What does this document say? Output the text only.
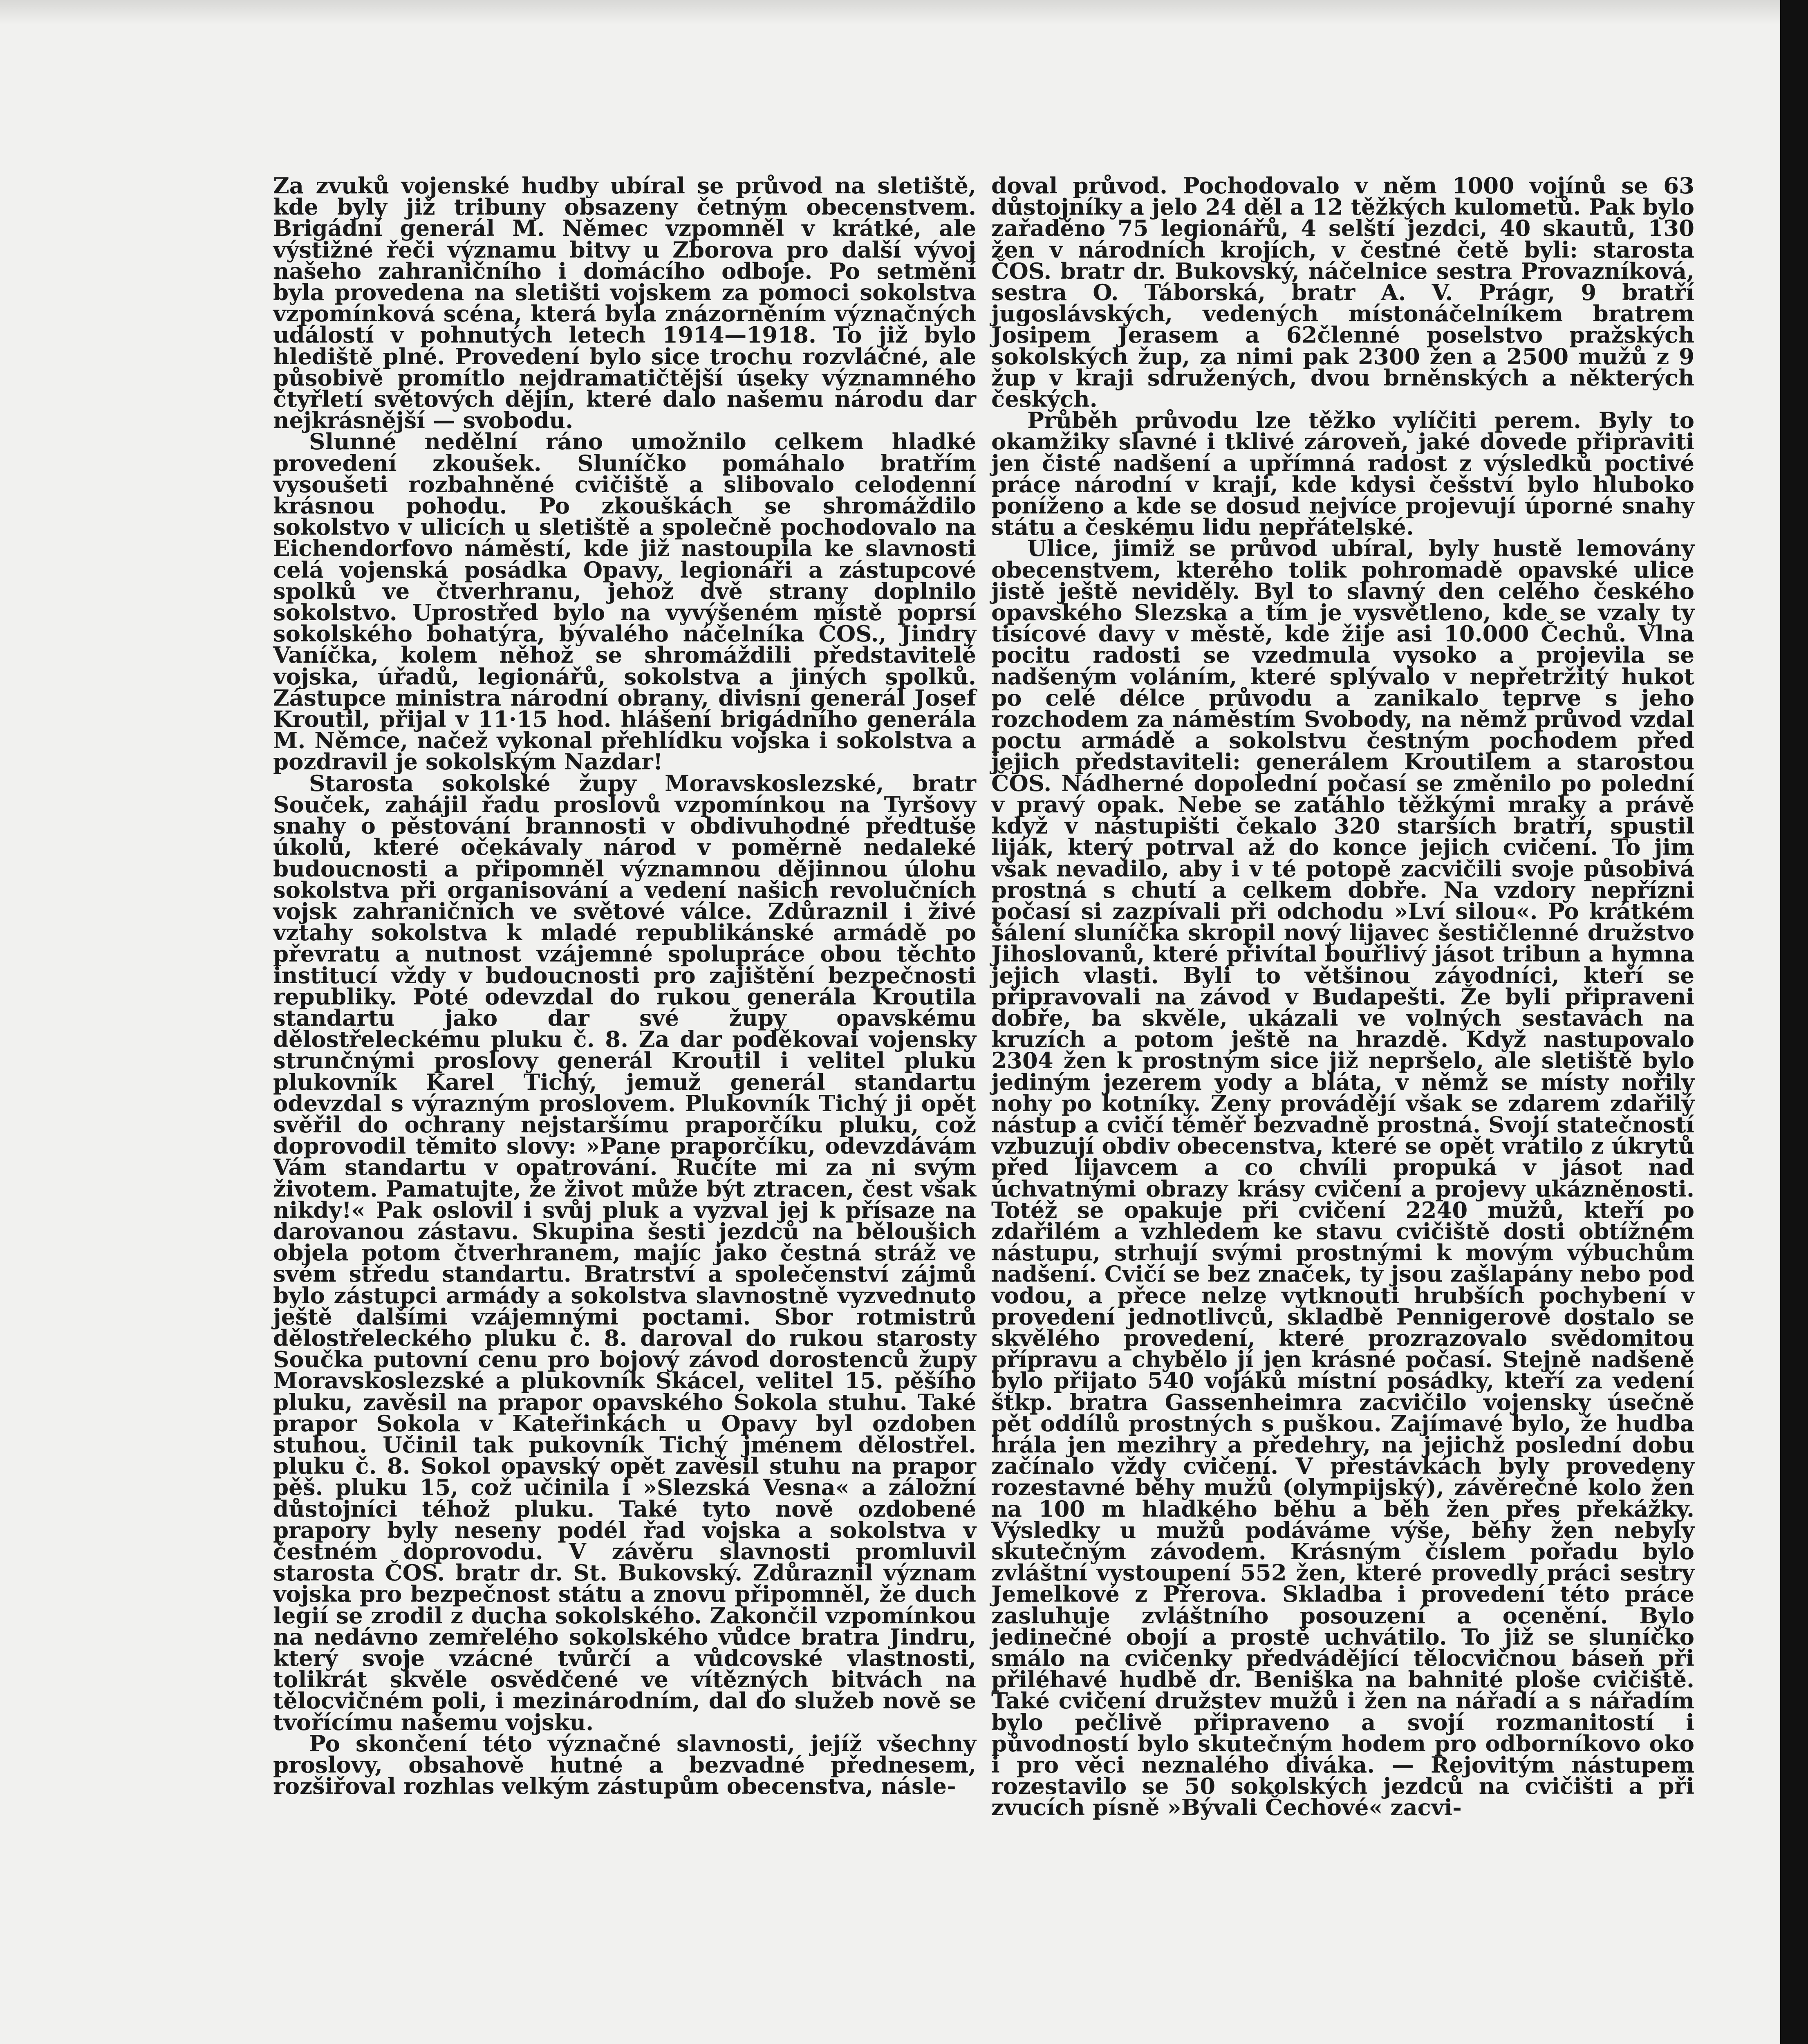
Za zvuků vojenské hudby ubíral se průvod na sletiště, kde byly již tribuny obsazeny četným obecenstvem. Brigádní generál M. Němec vzpomněl v krátké, ale výstižné řeči významu bitvy u Zborova pro další vývoj našeho zahraničního i domácího odboje. Po setmění byla provedena na sletišti vojskem za pomoci sokolstva vzpomínková scéna, která byla znázorněním význačných událostí v pohnutých letech 1914—1918. To již bylo hlediště plné. Provedení bylo sice trochu rozvláčné, ale působivě promítlo nejdramatičtější úseky významného čtyřletí světových dějin, které dalo našemu národu dar nejkrásnější — svobodu.

Slunné nedělní ráno umožnilo celkem hladké provedení zkoušek. Sluníčko pomáhalo bratřím vysoušeti rozbahněné cvičiště a slibovalo celodenní krásnou pohodu. Po zkouškách se shromáždilo sokolstvo v ulicích u sletiště a společně pochodovalo na Eichendorfovo náměstí, kde již nastoupila ke slavnosti celá vojenská posádka Opavy, legionáři a zástupcové spolků ve čtverhranu, jehož dvě strany doplnilo sokolstvo. Uprostřed bylo na vyvýšeném místě poprsí sokolského bohatýra, bývalého náčelníka ČOS., Jindry Vaníčka, kolem něhož se shromáždili představitelé vojska, úřadů, legionářů, sokolstva a jiných spolků. Zástupce ministra národní obrany, divisní generál Josef Kroutil, přijal v 11·15 hod. hlášení brigádního generála M. Němce, načež vykonal přehlídku vojska i sokolstva a pozdravil je sokolským Nazdar!

Starosta sokolské župy Moravskoslezské, bratr Souček, zahájil řadu proslovů vzpomínkou na Tyršovy snahy o pěstování brannosti v obdivuhodné předtuše úkolů, které očekávaly národ v poměrně nedaleké budoucnosti a připomněl významnou dějinnou úlohu sokolstva při organisování a vedení našich revolučních vojsk zahraničních ve světové válce. Zdůraznil i živé vztahy sokolstva k mladé republikánské armádě po převratu a nutnost vzájemné spolupráce obou těchto institucí vždy v budoucnosti pro zajištění bezpečnosti republiky. Poté odevzdal do rukou generála Kroutila standartu jako dar své župy opavskému dělostřeleckému pluku č. 8. Za dar poděkovai vojensky strunčnými proslovy generál Kroutil i velitel pluku plukovník Karel Tichý, jemuž generál standartu odevzdal s výrazným proslovem. Plukovník Tichý ji opět svěřil do ochrany nejstaršímu praporčíku pluku, což doprovodil těmito slovy: »Pane praporčíku, odevzdávám Vám standartu v opatrování. Ručíte mi za ni svým životem. Pamatujte, že život může být ztracen, čest však nikdy!« Pak oslovil i svůj pluk a vyzval jej k přísaze na darovanou zástavu. Skupina šesti jezdců na běloušich objela potom čtverhranem, majíc jako čestná stráž ve svém středu standartu. Bratrství a společenství zájmů bylo zástupci armády a sokolstva slavnostně vyzvednuto ještě dalšími vzájemnými poctami. Sbor rotmistrů dělostřeleckého pluku č. 8. daroval do rukou starosty Součka putovní cenu pro bojový závod dorostenců župy Moravskoslezské a plukovník Skácel, velitel 15. pěšího pluku, zavěsil na prapor opavského Sokola stuhu. Také prapor Sokola v Kateřinkách u Opavy byl ozdoben stuhou. Učinil tak pukovník Tichý jménem dělostřel. pluku č. 8. Sokol opavský opět zavěsil stuhu na prapor pěš. pluku 15, což učinila i »Slezská Vesna« a záložní důstojníci téhož pluku. Také tyto nově ozdobené prapory byly neseny podél řad vojska a sokolstva v čestném doprovodu. V závěru slavnosti promluvil starosta ČOS. bratr dr. St. Bukovský. Zdůraznil význam vojska pro bezpečnost státu a znovu připomněl, že duch legií se zrodil z ducha sokolského. Zakončil vzpomínkou na nedávno zemřelého sokolského vůdce bratra Jindru, který svoje vzácné tvůrčí a vůdcovské vlastnosti, tolikrát skvěle osvědčené ve vítězných bitvách na tělocvičném poli, i mezinárodním, dal do služeb nově se tvořícímu našemu vojsku.

Po skončení této význačné slavnosti, jejíž všechny proslovy, obsahově hutné a bezvadné přednesem, rozšiřoval rozhlas velkým zástupům obecenstva, násle-

doval průvod. Pochodovalo v něm 1000 vojínů se 63 důstojníky a jelo 24 děl a 12 těžkých kulometů. Pak bylo zařaděno 75 legionářů, 4 selští jezdci, 40 skautů, 130 žen v národních krojích, v čestné četě byli: starosta ČOS. bratr dr. Bukovský, náčelnice sestra Provazníková, sestra O. Táborská, bratr A. V. Prágr, 9 bratří jugoslávských, vedených místonáčelníkem bratrem Josipem Jerasem a 62členné poselstvo pražských sokolských žup, za nimi pak 2300 žen a 2500 mužů z 9 žup v kraji sdružených, dvou brněnských a některých českých.

Průběh průvodu lze těžko vylíčiti perem. Byly to okamžiky slavné i tklivé zároveň, jaké dovede připraviti jen čisté nadšení a upřímná radost z výsledků poctivé práce národní v kraji, kde kdysi češství bylo hluboko poníženo a kde se dosud nejvíce projevují úporné snahy státu a českému lidu nepřátelské.

Ulice, jimiž se průvod ubíral, byly hustě lemovány obecenstvem, kterého tolik pohromadě opavské ulice jistě ještě neviděly. Byl to slavný den celého českého opavského Slezska a tím je vysvětleno, kde se vzaly ty tisícové davy v městě, kde žije asi 10.000 Čechů. Vlna pocitu radosti se vzedmula vysoko a projevila se nadšeným voláním, které splývalo v nepřetržitý hukot po celé délce průvodu a zanikalo teprve s jeho rozchodem za náměstím Svobody, na němž průvod vzdal poctu armádě a sokolstvu čestným pochodem před jejich představiteli: generálem Kroutilem a starostou ČOS. Nádherné dopolední počasí se změnilo po polední v pravý opak. Nebe se zatáhlo těžkými mraky a právě když v nástupišti čekalo 320 starších bratří, spustil liják, který potrval až do konce jejich cvičení. To jim však nevadilo, aby i v té potopě zacvičili svoje působivá prostná s chutí a celkem dobře. Na vzdory nepřízni počasí si zazpívali při odchodu »Lví silou«. Po krátkém šálení sluníčka skropil nový lijavec šestičlenné družstvo Jihoslovanů, které přivítal bouřlivý jásot tribun a hymna jejich vlasti. Byli to většinou závodníci, kteří se připravovali na závod v Budapešti. Že byli připraveni dobře, ba skvěle, ukázali ve volných sestavách na kruzích a potom ještě na hrazdě. Když nastupovalo 2304 žen k prostným sice již nepršelo, ale sletiště bylo jediným jezerem vody a bláta, v němž se místy nořily nohy po kotníky. Ženy provádějí však se zdarem zdařilý nástup a cvičí téměř bezvadně prostná. Svojí statečností vzbuzují obdiv obecenstva, které se opět vrátilo z úkrytů před lijavcem a co chvíli propuká v jásot nad úchvatnými obrazy krásy cvičení a projevy ukázněnosti. Totéž se opakuje při cvičení 2240 mužů, kteří po zdařilém a vzhledem ke stavu cvičiště dosti obtížném nástupu, strhují svými prostnými k movým výbuchům nadšení. Cvičí se bez značek, ty jsou zašlapány nebo pod vodou, a přece nelze vytknouti hrubších pochybení v provedení jednotlivců, skladbě Pennigerově dostalo se skvělého provedení, které prozrazovalo svědomitou přípravu a chybělo jí jen krásné počasí. Stejně nadšeně bylo přijato 540 vojáků místní posádky, kteří za vedení štkp. bratra Gassenheimra zacvičilo vojensky úsečně pět oddílů prostných s puškou. Zajímavé bylo, že hudba hrála jen mezihry a předehry, na jejichž poslední dobu začínalo vždy cvičení. V přestávkách byly provedeny rozestavné běhy mužů (olympijský), závěrečné kolo žen na 100 m hladkého běhu a běh žen přes překážky. Výsledky u mužů podáváme výše, běhy žen nebyly skutečným závodem. Krásným číslem pořadu bylo zvláštní vystoupení 552 žen, které provedly práci sestry Jemelkové z Přerova. Skladba i provedení této práce zasluhuje zvláštního posouzení a ocenění. Bylo jedinečné obojí a prostě uchvátilo. To již se sluníčko smálo na cvičenky předvádějící tělocvičnou báseň při přiléhavé hudbě dr. Beniška na bahnité ploše cvičiště. Také cvičení družstev mužů i žen na nářadí a s nářadím bylo pečlivě připraveno a svojí rozmanitostí i původností bylo skutečným hodem pro odborníkovo oko i pro věci neznalého diváka. — Rejovitým nástupem rozestavilo se 50 sokolských jezdců na cvičišti a při zvucích písně »Bývali Čechové« zacvi-
